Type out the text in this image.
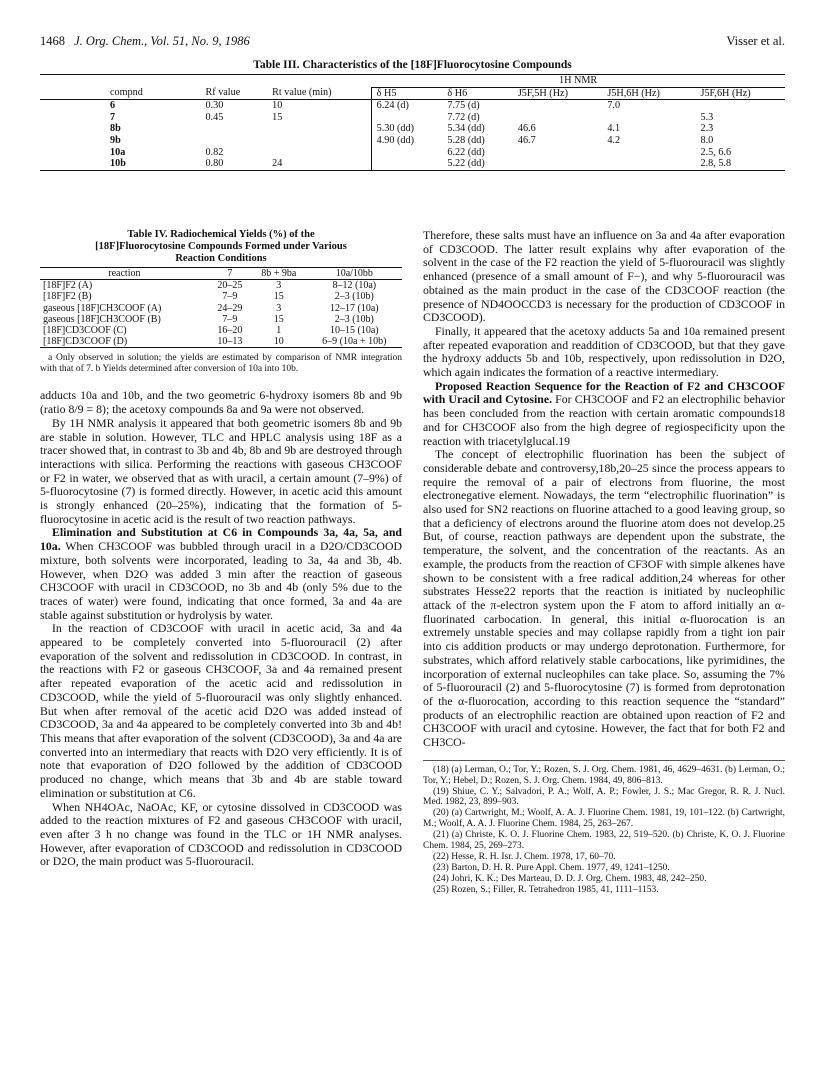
1468 J. Org. Chem., Vol. 51, No. 9, 1986	Visser et al.
Table III. Characteristics of the [18F]Fluorocytosine Compounds
			1H NMR				
compnd	Rf value	Rt value (min)	δ H5	δ H6	J5F,5H (Hz)	J5H,6H (Hz)	J5F,6H (Hz)
6	0.30	10	6.24 (d)	7.75 (d)		7.0	
7	0.45	15		7.72 (d)			5.3
8b			5.30 (dd)	5.34 (dd)	46.6	4.1	2.3
9b			4.90 (dd)	5.28 (dd)	46.7	4.2	8.0
10a	0.82			6.22 (dd)			2.5, 6.6
10b	0.80	24		5.22 (dd)			2.8, 5.8
Table IV. Radiochemical Yields (%) of the
[18F]Fluorocytosine Compounds Formed under Various
Reaction Conditions
reaction	7	8b + 9ba	10a/10bb
[18F]F2 (A)	20–25	3	8–12 (10a)
[18F]F2 (B)	7–9	15	2–3 (10b)
gaseous [18F]CH3COOF (A)	24–29	3	12–17 (10a)
gaseous [18F]CH3COOF (B)	7–9	15	2–3 (10b)
[18F]CD3COOF (C)	16–20	1	10–15 (10a)
[18F]CD3COOF (D)	10–13	10	6–9 (10a + 10b)
a Only observed in solution; the yields are estimated by comparison of NMR integration with that of 7. b Yields determined after conversion of 10a into 10b.

adducts 10a and 10b, and the two geometric 6-hydroxy isomers 8b and 9b (ratio 8/9 = 8); the acetoxy compounds 8a and 9a were not observed.

By 1H NMR analysis it appeared that both geometric isomers 8b and 9b are stable in solution. However, TLC and HPLC analysis using 18F as a tracer showed that, in contrast to 3b and 4b, 8b and 9b are destroyed through interactions with silica. Performing the reactions with gaseous CH3COOF or F2 in water, we observed that as with uracil, a certain amount (7–9%) of 5-fluorocytosine (7) is formed directly. However, in acetic acid this amount is strongly enhanced (20–25%), indicating that the formation of 5-fluorocytosine in acetic acid is the result of two reaction pathways.

Elimination and Substitution at C6 in Compounds 3a, 4a, 5a, and 10a. When CH3COOF was bubbled through uracil in a D2O/CD3COOD mixture, both solvents were incorporated, leading to 3a, 4a and 3b, 4b. However, when D2O was added 3 min after the reaction of gaseous CH3COOF with uracil in CD3COOD, no 3b and 4b (only 5% due to the traces of water) were found, indicating that once formed, 3a and 4a are stable against substitution or hydrolysis by water.

In the reaction of CD3COOF with uracil in acetic acid, 3a and 4a appeared to be completely converted into 5-fluorouracil (2) after evaporation of the solvent and redissolution in CD3COOD. In contrast, in the reactions with F2 or gaseous CH3COOF, 3a and 4a remained present after repeated evaporation of the acetic acid and redissolution in CD3COOD, while the yield of 5-fluorouracil was only slightly enhanced. But when after removal of the acetic acid D2O was added instead of CD3COOD, 3a and 4a appeared to be completely converted into 3b and 4b! This means that after evaporation of the solvent (CD3COOD), 3a and 4a are converted into an intermediary that reacts with D2O very efficiently. It is of note that evaporation of D2O followed by the addition of CD3COOD produced no change, which means that 3b and 4b are stable toward elimination or substitution at C6.

When NH4OAc, NaOAc, KF, or cytosine dissolved in CD3COOD was added to the reaction mixtures of F2 and gaseous CH3COOF with uracil, even after 3 h no change was found in the TLC or 1H NMR analyses. However, after evaporation of CD3COOD and redissolution in CD3COOD or D2O, the main product was 5-fluorouracil.

Therefore, these salts must have an influence on 3a and 4a after evaporation of CD3COOD. The latter result explains why after evaporation of the solvent in the case of the F2 reaction the yield of 5-fluorouracil was slightly enhanced (presence of a small amount of F−), and why 5-fluorouracil was obtained as the main product in the case of the CD3COOF reaction (the presence of ND4OOCCD3 is necessary for the production of CD3COOF in CD3COOD).

Finally, it appeared that the acetoxy adducts 5a and 10a remained present after repeated evaporation and readdition of CD3COOD, but that they gave the hydroxy adducts 5b and 10b, respectively, upon redissolution in D2O, which again indicates the formation of a reactive intermediary.

Proposed Reaction Sequence for the Reaction of F2 and CH3COOF with Uracil and Cytosine. For CH3COOF and F2 an electrophilic behavior has been concluded from the reaction with certain aromatic compounds18 and for CH3COOF also from the high degree of regiospecificity upon the reaction with triacetylglucal.19

The concept of electrophilic fluorination has been the subject of considerable debate and controversy,18b,20–25 since the process appears to require the removal of a pair of electrons from fluorine, the most electronegative element. Nowadays, the term “electrophilic fluorination” is also used for SN2 reactions on fluorine attached to a good leaving group, so that a deficiency of electrons around the fluorine atom does not develop.25 But, of course, reaction pathways are dependent upon the substrate, the temperature, the solvent, and the concentration of the reactants. As an example, the products from the reaction of CF3OF with simple alkenes have shown to be consistent with a free radical addition,24 whereas for other substrates Hesse22 reports that the reaction is initiated by nucleophilic attack of the π-electron system upon the F atom to afford initially an α-fluorinated carbocation. In general, this initial α-fluorocation is an extremely unstable species and may collapse rapidly from a tight ion pair into cis addition products or may undergo deprotonation. Furthermore, for substrates, which afford relatively stable carbocations, like pyrimidines, the incorporation of external nucleophiles can take place. So, assuming the 7% of 5-fluorouracil (2) and 5-fluorocytosine (7) is formed from deprotonation of the α-fluorocation, according to this reaction sequence the “standard” products of an electrophilic reaction are obtained upon reaction of F2 and CH3COOF with uracil and cytosine. However, the fact that for both F2 and CH3CO-

(18) (a) Lerman, O.; Tor, Y.; Rozen, S. J. Org. Chem. 1981, 46, 4629–4631. (b) Lerman, O.; Tor, Y.; Hebel, D.; Rozen, S. J. Org. Chem. 1984, 49, 806–813.
(19) Shiue, C. Y.; Salvadori, P. A.; Wolf, A. P.; Fowler, J. S.; Mac Gregor, R. R. J. Nucl. Med. 1982, 23, 899–903.
(20) (a) Cartwright, M.; Woolf, A. A. J. Fluorine Chem. 1981, 19, 101–122. (b) Cartwright, M.; Woolf, A. A. J. Fluorine Chem. 1984, 25, 263–267.
(21) (a) Christe, K. O. J. Fluorine Chem. 1983, 22, 519–520. (b) Christe, K. O. J. Fluorine Chem. 1984, 25, 269–273.
(22) Hesse, R. H. Isr. J. Chem. 1978, 17, 60–70.
(23) Barton, D. H. R. Pure Appl. Chem. 1977, 49, 1241–1250.
(24) Johri, K. K.; Des Marteau, D. D. J. Org. Chem. 1983, 48, 242–250.
(25) Rozen, S.; Filler, R. Tetrahedron 1985, 41, 1111–1153.
